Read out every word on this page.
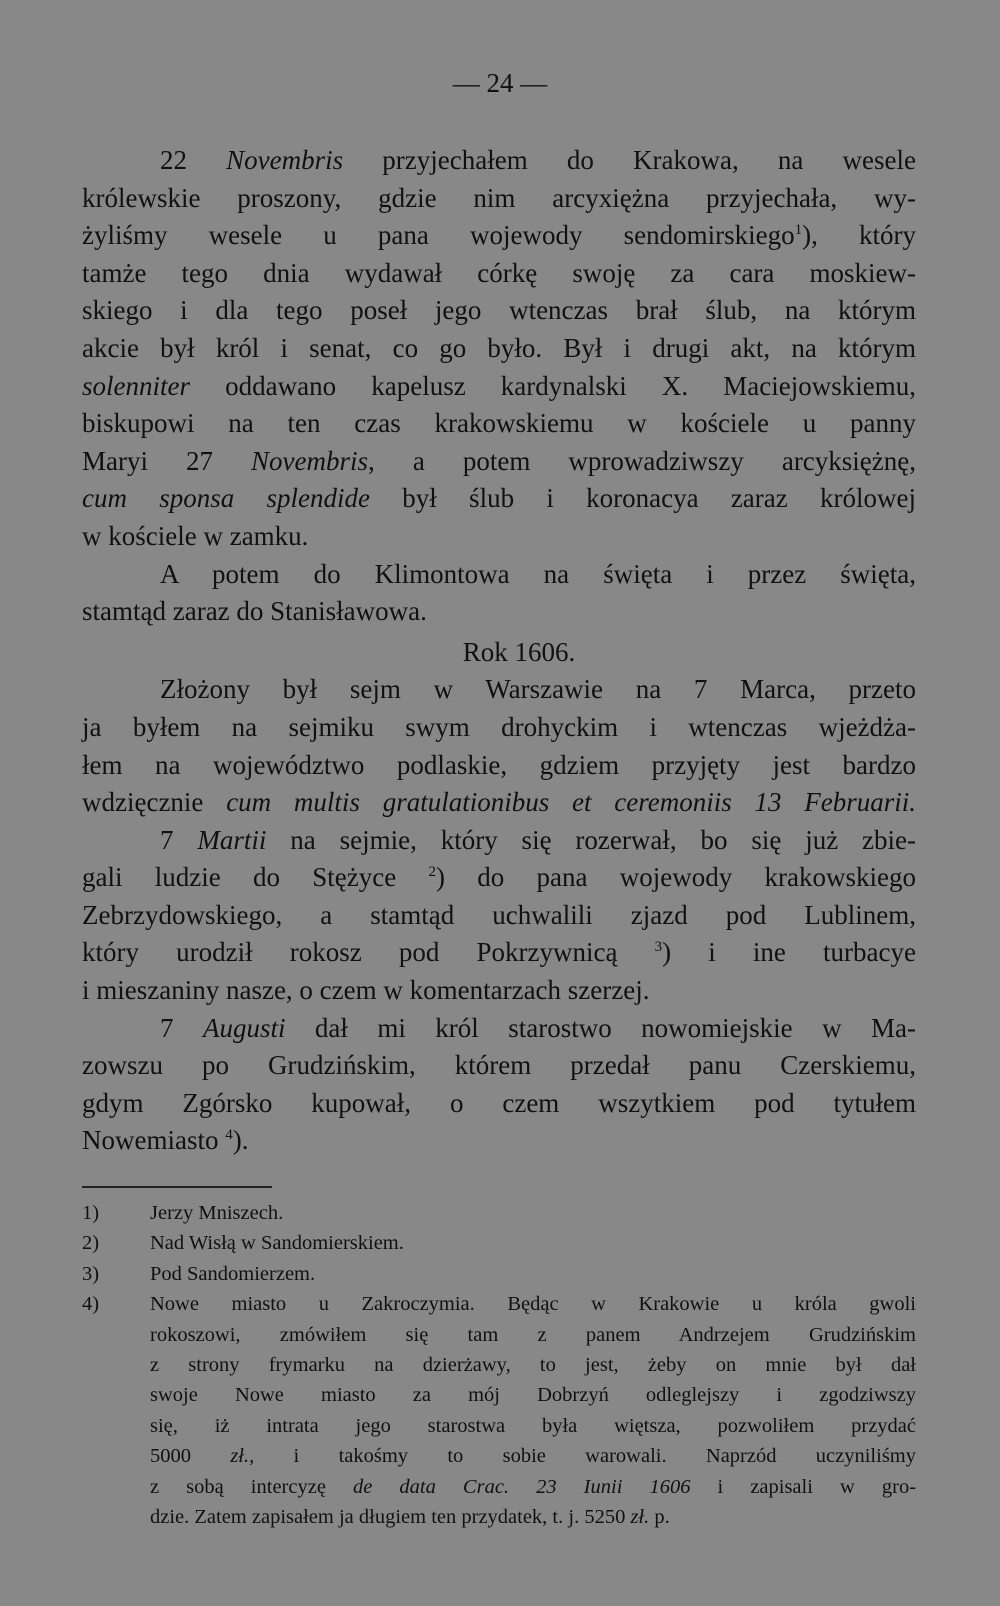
— 24 —
22 Novembris przyjechałem do Krakowa, na wesele
królewskie proszony, gdzie nim arcyxiężna przyjechała, wy-
żyliśmy wesele u pana wojewody sendomirskiego$^1$), który
tamże tego dnia wydawał córkę swoję za cara moskiew-
skiego i dla tego poseł jego wtenczas brał ślub, na którym
akcie był król i senat, co go było. Był i drugi akt, na którym
solenniter oddawano kapelusz kardynalski X. Maciejowskiemu,
biskupowi na ten czas krakowskiemu w kościele u panny
Maryi 27 Novembris, a potem wprowadziwszy arcyksiężnę,
cum sponsa splendide był ślub i koronacya zaraz królowej
w kościele w zamku.
A potem do Klimontowa na święta i przez święta,
stamtąd zaraz do Stanisławowa.
Rok 1606.
Złożony był sejm w Warszawie na 7 Marca, przeto
ja byłem na sejmiku swym drohyckim i wtenczas wjeżdża-
łem na województwo podlaskie, gdziem przyjęty jest bardzo
wdzięcznie cum multis gratulationibus et ceremoniis 13 Februarii.
7 Martii na sejmie, który się rozerwał, bo się już zbie-
gali ludzie do Stężyce $^2$) do pana wojewody krakowskiego
Zebrzydowskiego, a stamtąd uchwalili zjazd pod Lublinem,
który urodził rokosz pod Pokrzywnicą $^3$) i ine turbacye
i mieszaniny nasze, o czem w komentarzach szerzej.
7 Augusti dał mi król starostwo nowomiejskie w Ma-
zowszu po Grudzińskim, którem przedał panu Czerskiemu,
gdym Zgórsko kupował, o czem wszytkiem pod tytułem
Nowemiasto $^4$).
1) Jerzy Mniszech.
2) Nad Wisłą w Sandomierskiem.
3) Pod Sandomierzem.
4) Nowe miasto u Zakroczymia. Będąc w Krakowie u króla gwoli
rokoszowi, zmówiłem się tam z panem Andrzejem Grudzińskim
z strony frymarku na dzierżawy, to jest, żeby on mnie był dał
swoje Nowe miasto za mój Dobrzyń odleglejszy i zgodziwszy
się, iż intrata jego starostwa była więtsza, pozwoliłem przydać
5000 zł., i takośmy to sobie warowali. Naprzód uczyniliśmy
z sobą intercyzę de data Crac. 23 Iunii 1606 i zapisali w gro-
dzie. Zatem zapisałem ja długiem ten przydatek, t. j. 5250 zł. p.
